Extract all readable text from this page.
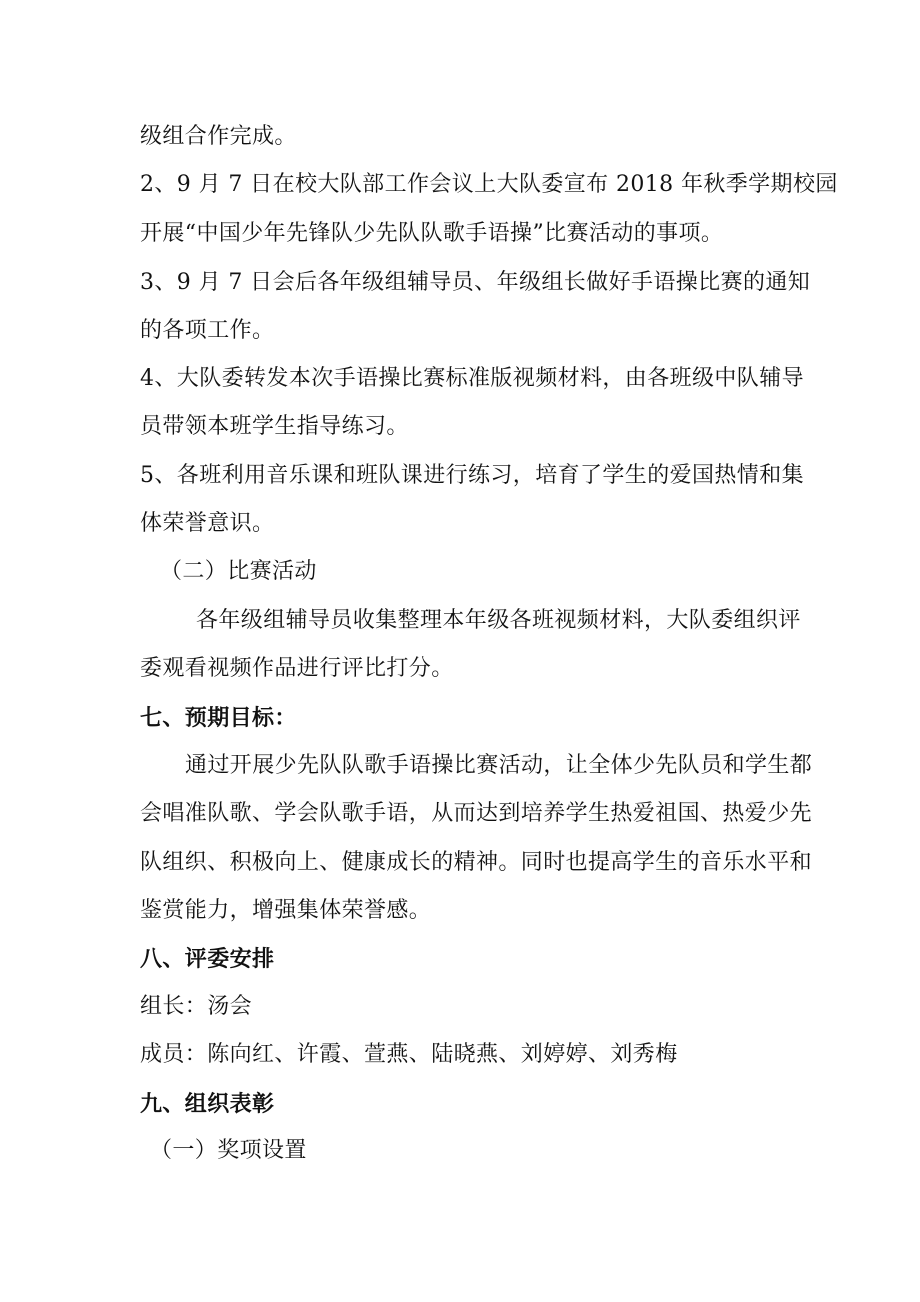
级组合作完成。
2、9 月 7 日在校大队部工作会议上大队委宣布 2018 年秋季学期校园
开展“中国少年先锋队少先队队歌手语操”比赛活动的事项。
3、9 月 7 日会后各年级组辅导员、年级组长做好手语操比赛的通知
的各项工作。
4、大队委转发本次手语操比赛标准版视频材料，由各班级中队辅导
员带领本班学生指导练习。
5、各班利用音乐课和班队课进行练习，培育了学生的爱国热情和集
体荣誉意识。
（二）比赛活动
各年级组辅导员收集整理本年级各班视频材料，大队委组织评
委观看视频作品进行评比打分。
七、预期目标：
通过开展少先队队歌手语操比赛活动，让全体少先队员和学生都
会唱准队歌、学会队歌手语，从而达到培养学生热爱祖国、热爱少先
队组织、积极向上、健康成长的精神。同时也提高学生的音乐水平和
鉴赏能力，增强集体荣誉感。
八、评委安排
组长：汤会
成员：陈向红、许霞、萱燕、陆晓燕、刘婷婷、刘秀梅
九、组织表彰
（一）奖项设置
